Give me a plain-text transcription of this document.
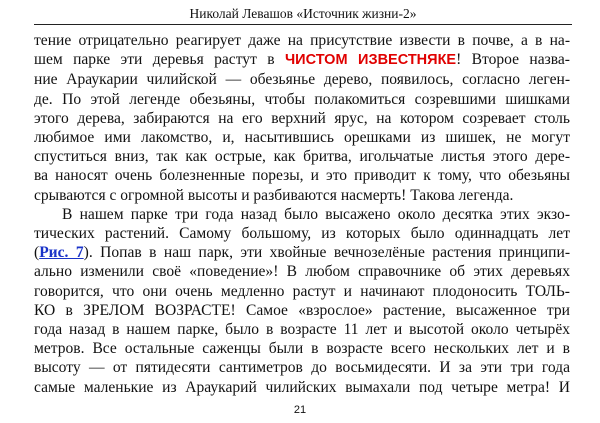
Николай Левашов «Источник жизни-2»
тение отрицательно реагирует даже на присутствие извести в почве, а в на-
шем парке эти деревья растут в ЧИСТОМ ИЗВЕСТНЯКЕ! Второе назва-
ние Араукарии чилийской — обезьянье дерево, появилось, согласно леген-
де. По этой легенде обезьяны, чтобы полакомиться созревшими шишками
этого дерева, забираются на его верхний ярус, на котором созревает столь
любимое ими лакомство, и, насытившись орешками из шишек, не могут
спуститься вниз, так как острые, как бритва, игольчатые листья этого дере-
ва наносят очень болезненные порезы, и это приводит к тому, что обезьяны
срываются с огромной высоты и разбиваются насмерть! Такова легенда.
В нашем парке три года назад было высажено около десятка этих экзо-
тических растений. Самому большому, из которых было одиннадцать лет
(Рис. 7). Попав в наш парк, эти хвойные вечнозелёные растения принципи-
ально изменили своё «поведение»! В любом справочнике об этих деревьях
говорится, что они очень медленно растут и начинают плодоносить ТОЛЬ-
КО в ЗРЕЛОМ ВОЗРАСТЕ! Самое «взрослое» растение, высаженное три
года назад в нашем парке, было в возрасте 11 лет и высотой около четырёх
метров. Все остальные саженцы были в возрасте всего нескольких лет и в
высоту — от пятидесяти сантиметров до восьмидесяти. И за эти три года
самые маленькие из Араукарий чилийских вымахали под четыре метра! И
21
